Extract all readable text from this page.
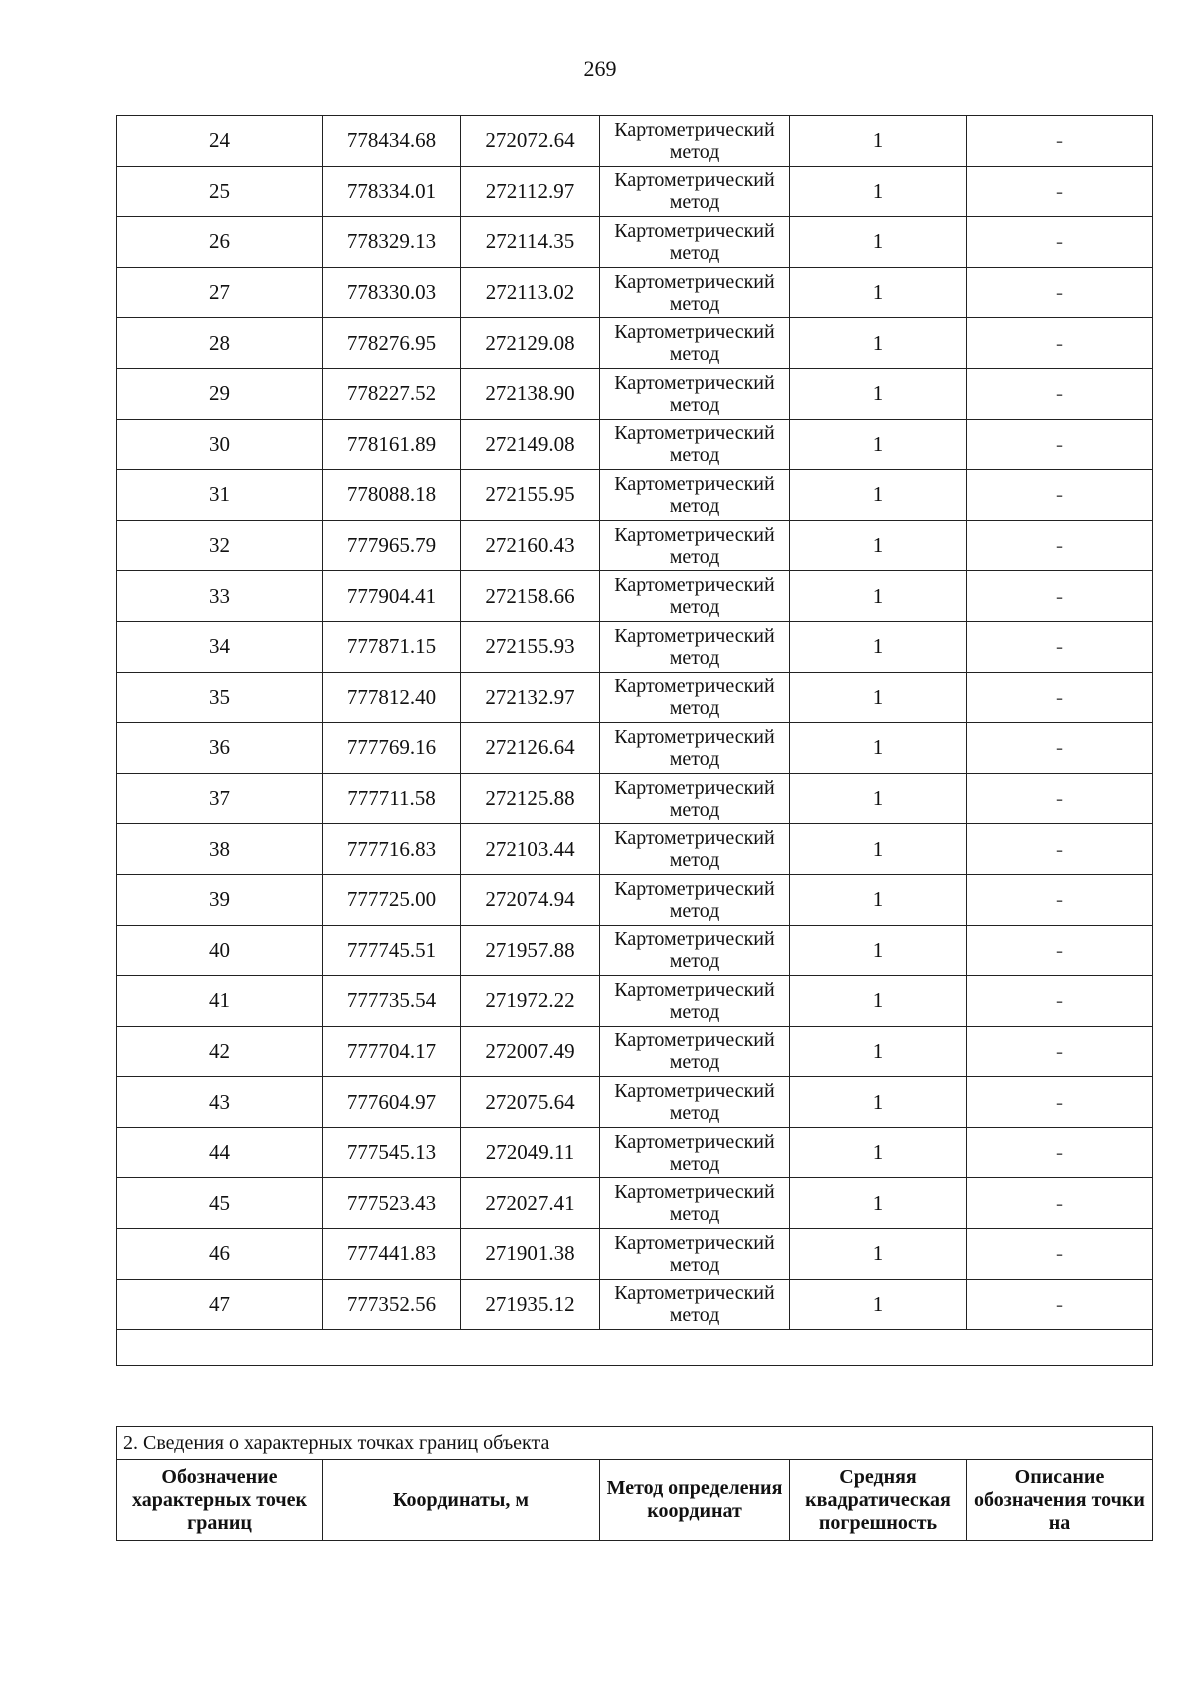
269
24	778434.68	272072.64	Картометрический метод	1	-
25	778334.01	272112.97	Картометрический метод	1	-
26	778329.13	272114.35	Картометрический метод	1	-
27	778330.03	272113.02	Картометрический метод	1	-
28	778276.95	272129.08	Картометрический метод	1	-
29	778227.52	272138.90	Картометрический метод	1	-
30	778161.89	272149.08	Картометрический метод	1	-
31	778088.18	272155.95	Картометрический метод	1	-
32	777965.79	272160.43	Картометрический метод	1	-
33	777904.41	272158.66	Картометрический метод	1	-
34	777871.15	272155.93	Картометрический метод	1	-
35	777812.40	272132.97	Картометрический метод	1	-
36	777769.16	272126.64	Картометрический метод	1	-
37	777711.58	272125.88	Картометрический метод	1	-
38	777716.83	272103.44	Картометрический метод	1	-
39	777725.00	272074.94	Картометрический метод	1	-
40	777745.51	271957.88	Картометрический метод	1	-
41	777735.54	271972.22	Картометрический метод	1	-
42	777704.17	272007.49	Картометрический метод	1	-
43	777604.97	272075.64	Картометрический метод	1	-
44	777545.13	272049.11	Картометрический метод	1	-
45	777523.43	272027.41	Картометрический метод	1	-
46	777441.83	271901.38	Картометрический метод	1	-
47	777352.56	271935.12	Картометрический метод	1	-

2. Сведения о характерных точках границ объекта
Обозначение характерных точек границ	Координаты, м	Метод определения координат	Средняя квадратическая погрешность	Описание обозначения точки на
